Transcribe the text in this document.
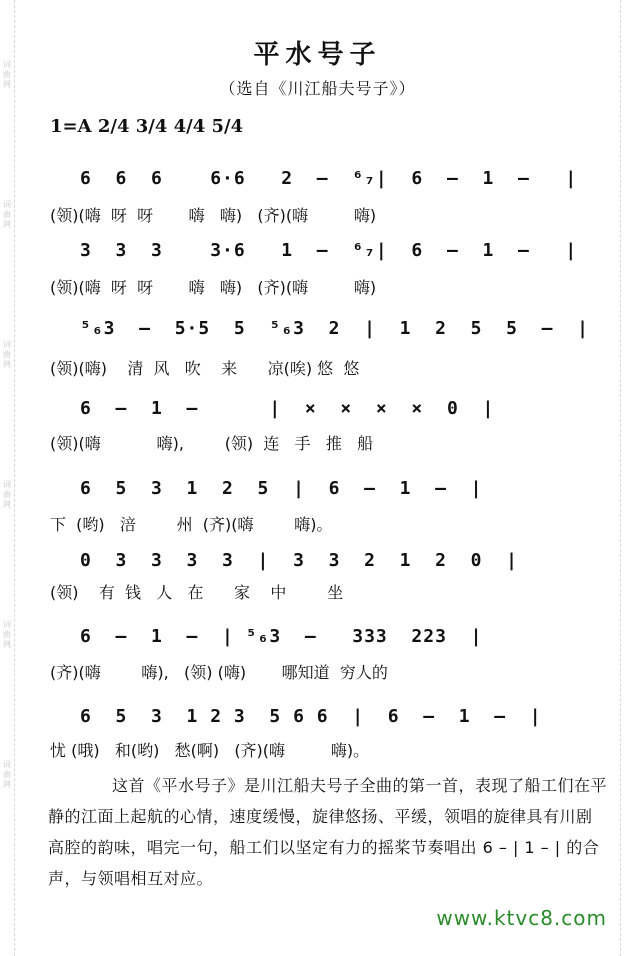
词曲网
词曲网
词曲网
词曲网
词曲网
词曲网
平水号子
（选自《川江船夫号子》）
1=A 2/4 3/4 4/4 5/4
6  6  6    6·6   2  –  ⁶₇|  6  –  1  –   |
(领)(嗨  呀  呀       嗨   嗨)   (齐)(嗨         嗨)
3  3  3    3·6   1  –  ⁶₇|  6  –  1  –   |
(领)(嗨  呀  呀       嗨   嗨)   (齐)(嗨         嗨)
⁵₆3  –  5·5  5  ⁵₆3  2  |  1  2  5  5  –  |
(领)(嗨)    清  风   吹    来      凉(唉) 悠  悠
6  –  1  –      |  ×  ×  ×  ×  0  |
(领)(嗨           嗨),        (领)  连   手   推   船
6  5  3  1  2  5  |  6  –  1  –  |
下  (哟)   涪        州  (齐)(嗨        嗨)。
0  3  3  3  3  |  3  3  2  1  2  0  |
(领)    有  钱   人   在      家    中        坐
6  –  1  –  | ⁵₆3  –   333  223  |
(齐)(嗨        嗨),   (领) (嗨)       哪知道  穷人的
6  5  3  1 2 3  5 6 6  |  6  –  1  –  |
忧 (哦)   和(哟)   愁(啊)   (齐)(嗨         嗨)。
这首《平水号子》是川江船夫号子全曲的第一首，表现了船工们在平静的江面上起航的心情，速度缓慢，旋律悠扬、平缓，领唱的旋律具有川剧高腔的韵味，唱完一句，船工们以坚定有力的摇桨节奏唱出 6 – | 1 – | 的合声，与领唱相互对应。
www.ktvc8.com
